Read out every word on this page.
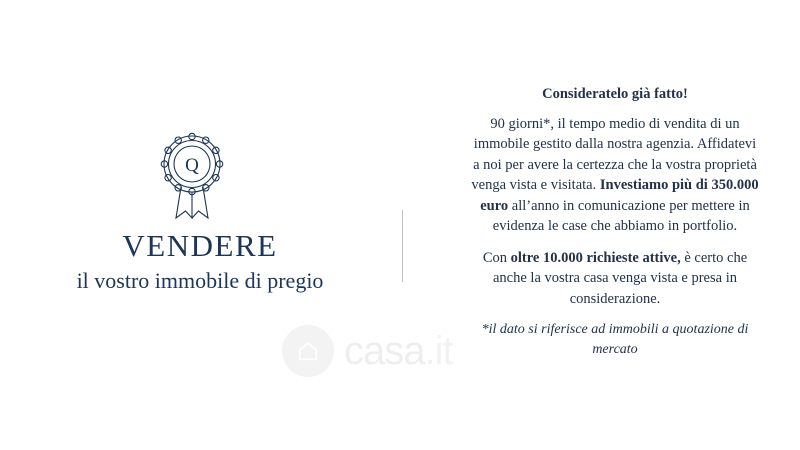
Q
VENDERE
il vostro immobile di pregio

Consideratelo già fatto!

90 giorni*, il tempo medio di vendita di un immobile gestito dalla nostra agenzia. Affidatevi a noi per avere la certezza che la vostra proprietà venga vista e visitata. Investiamo più di 350.000 euro all’anno in comunicazione per mettere in evidenza le case che abbiamo in portfolio.

Con oltre 10.000 richieste attive, è certo che anche la vostra casa venga vista e presa in considerazione.

*il dato si riferisce ad immobili a quotazione di mercato

casa.it
